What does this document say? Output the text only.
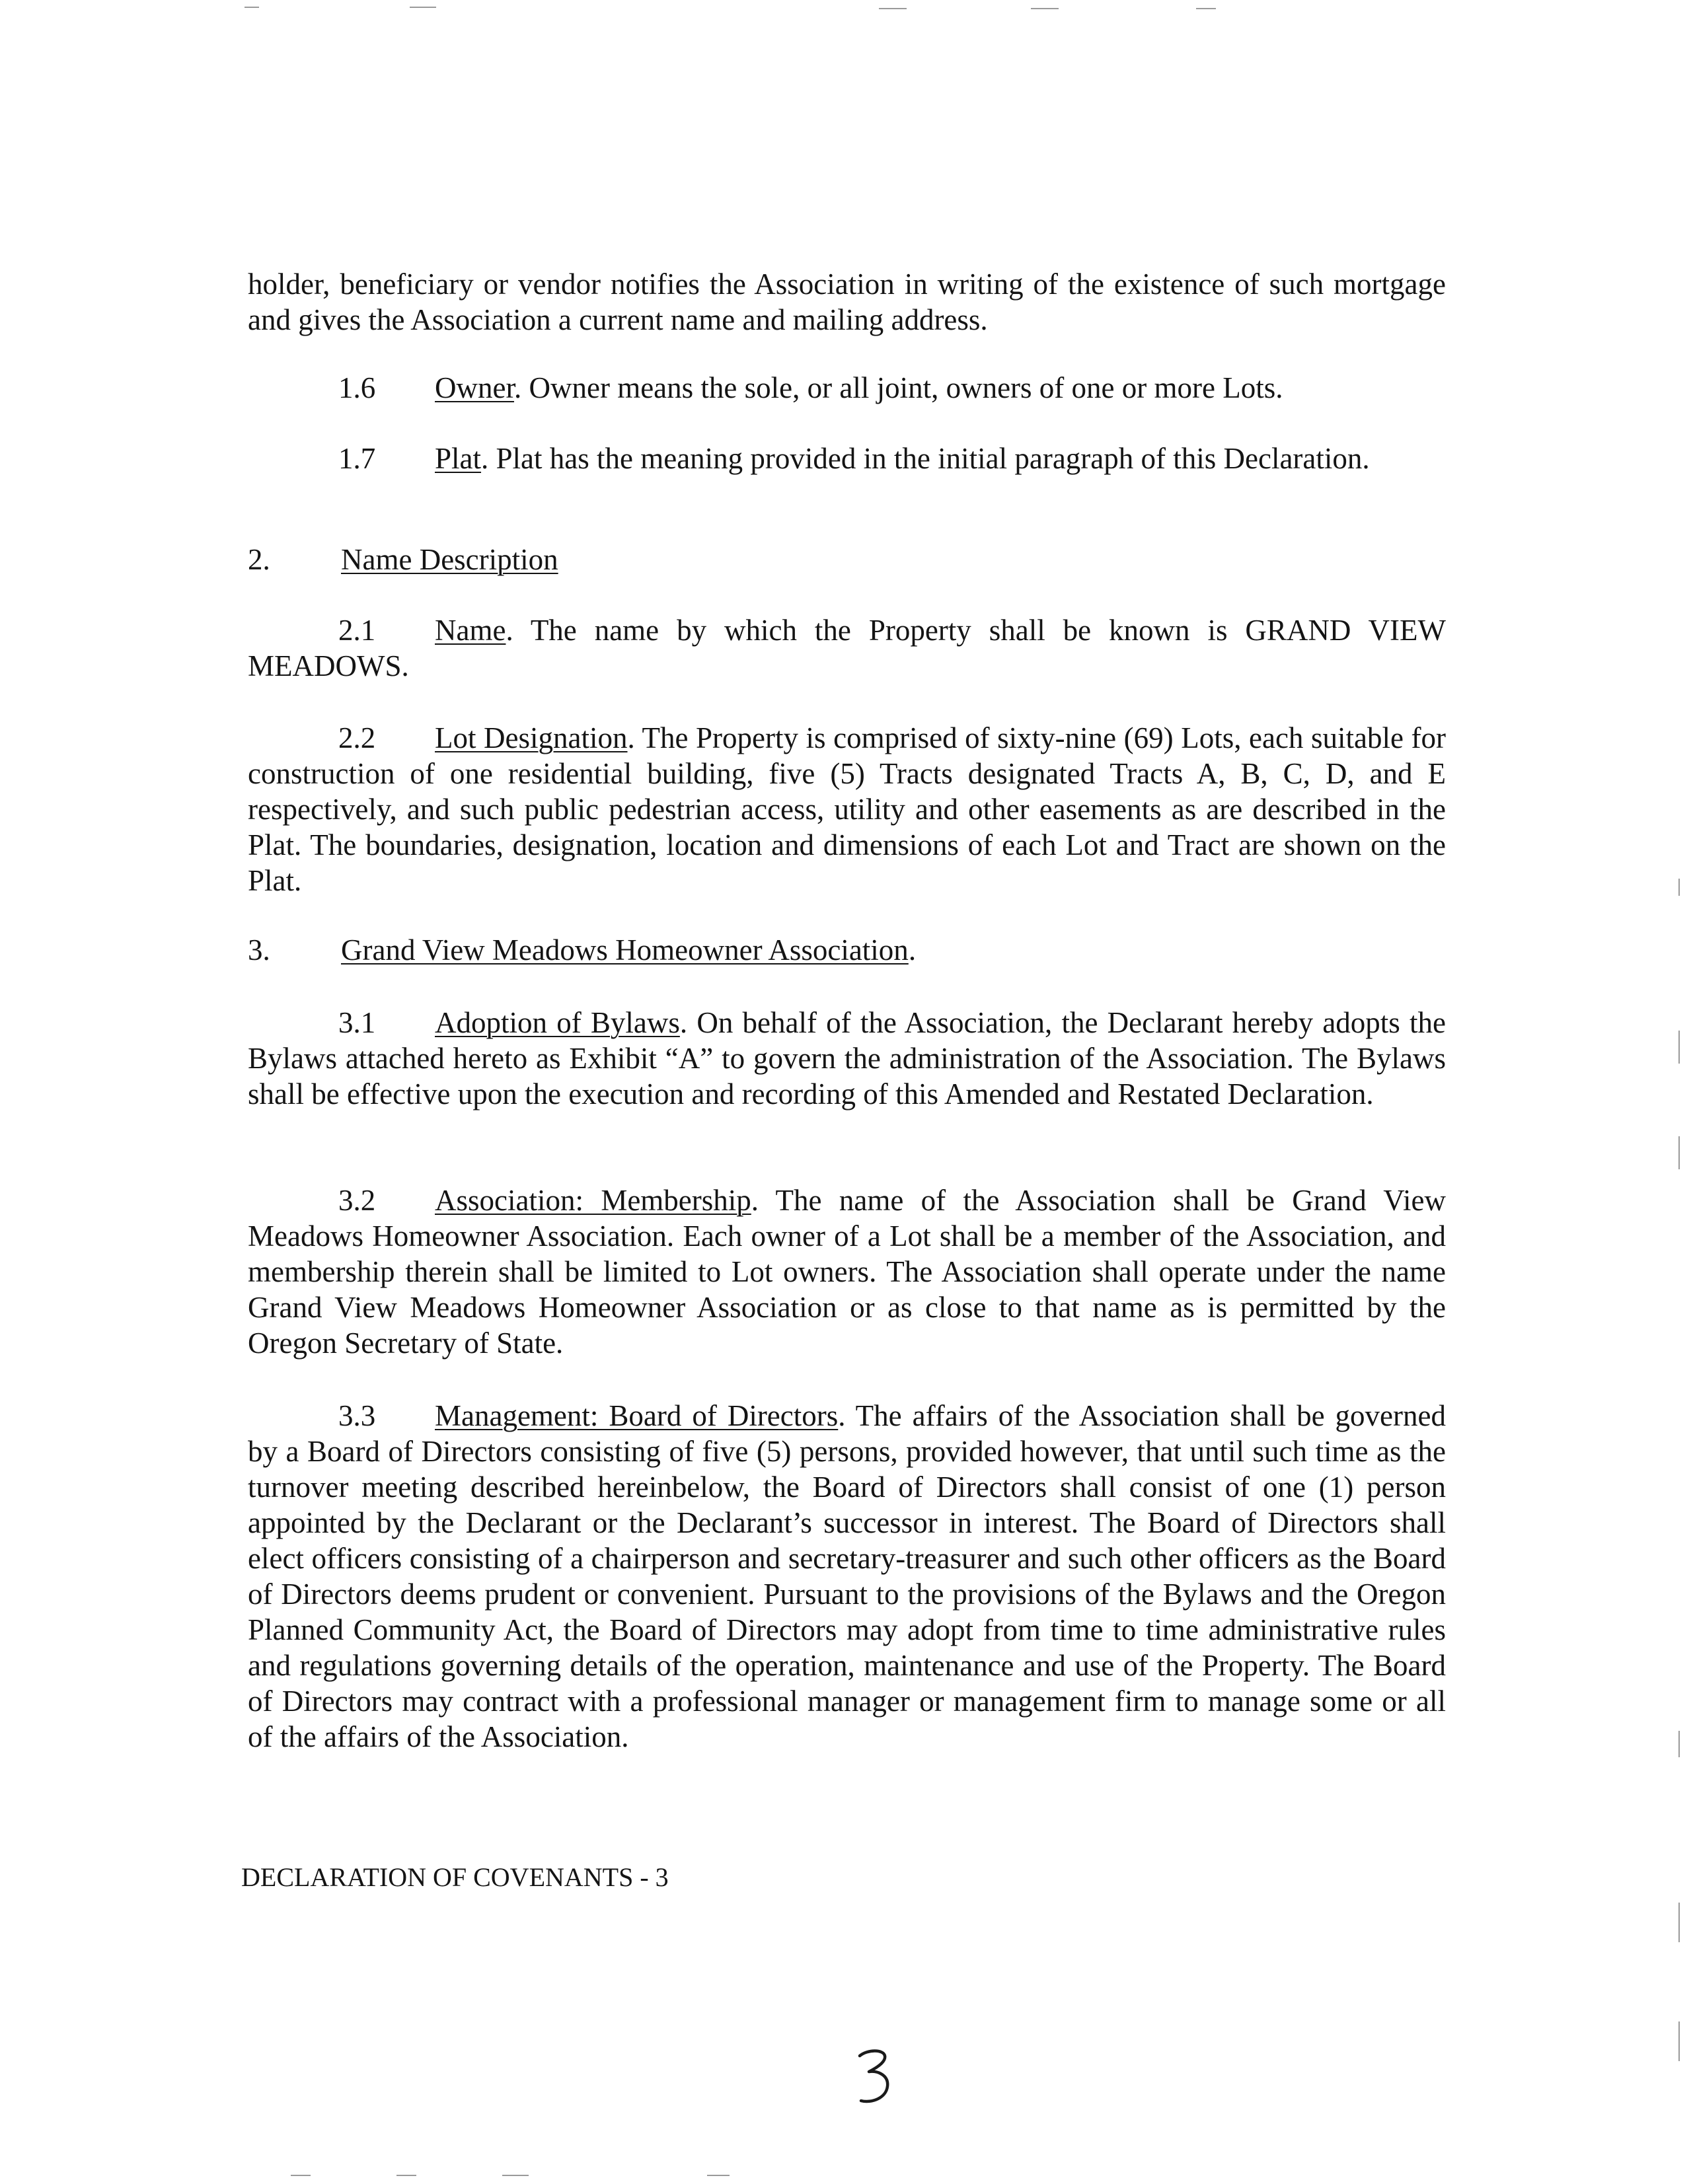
holder, beneficiary or vendor notifies the Association in writing of the existence of such mortgage and gives the Association a current name and mailing address.

1.6 Owner. Owner means the sole, or all joint, owners of one or more Lots.

1.7 Plat. Plat has the meaning provided in the initial paragraph of this Declaration.

2. Name Description

2.1 Name. The name by which the Property shall be known is GRAND VIEW MEADOWS.

2.2 Lot Designation. The Property is comprised of sixty-nine (69) Lots, each suitable for construction of one residential building, five (5) Tracts designated Tracts A, B, C, D, and E respectively, and such public pedestrian access, utility and other easements as are described in the Plat. The boundaries, designation, location and dimensions of each Lot and Tract are shown on the Plat.

3. Grand View Meadows Homeowner Association.

3.1 Adoption of Bylaws. On behalf of the Association, the Declarant hereby adopts the Bylaws attached hereto as Exhibit “A” to govern the administration of the Association. The Bylaws shall be effective upon the execution and recording of this Amended and Restated Declaration.

3.2 Association: Membership. The name of the Association shall be Grand View Meadows Homeowner Association. Each owner of a Lot shall be a member of the Association, and membership therein shall be limited to Lot owners. The Association shall operate under the name Grand View Meadows Homeowner Association or as close to that name as is permitted by the Oregon Secretary of State.

3.3 Management: Board of Directors. The affairs of the Association shall be governed by a Board of Directors consisting of five (5) persons, provided however, that until such time as the turnover meeting described hereinbelow, the Board of Directors shall consist of one (1) person appointed by the Declarant or the Declarant’s successor in interest. The Board of Directors shall elect officers consisting of a chairperson and secretary-treasurer and such other officers as the Board of Directors deems prudent or convenient. Pursuant to the provisions of the Bylaws and the Oregon Planned Community Act, the Board of Directors may adopt from time to time administrative rules and regulations governing details of the operation, maintenance and use of the Property. The Board of Directors may contract with a professional manager or management firm to manage some or all of the affairs of the Association.

DECLARATION OF COVENANTS - 3
